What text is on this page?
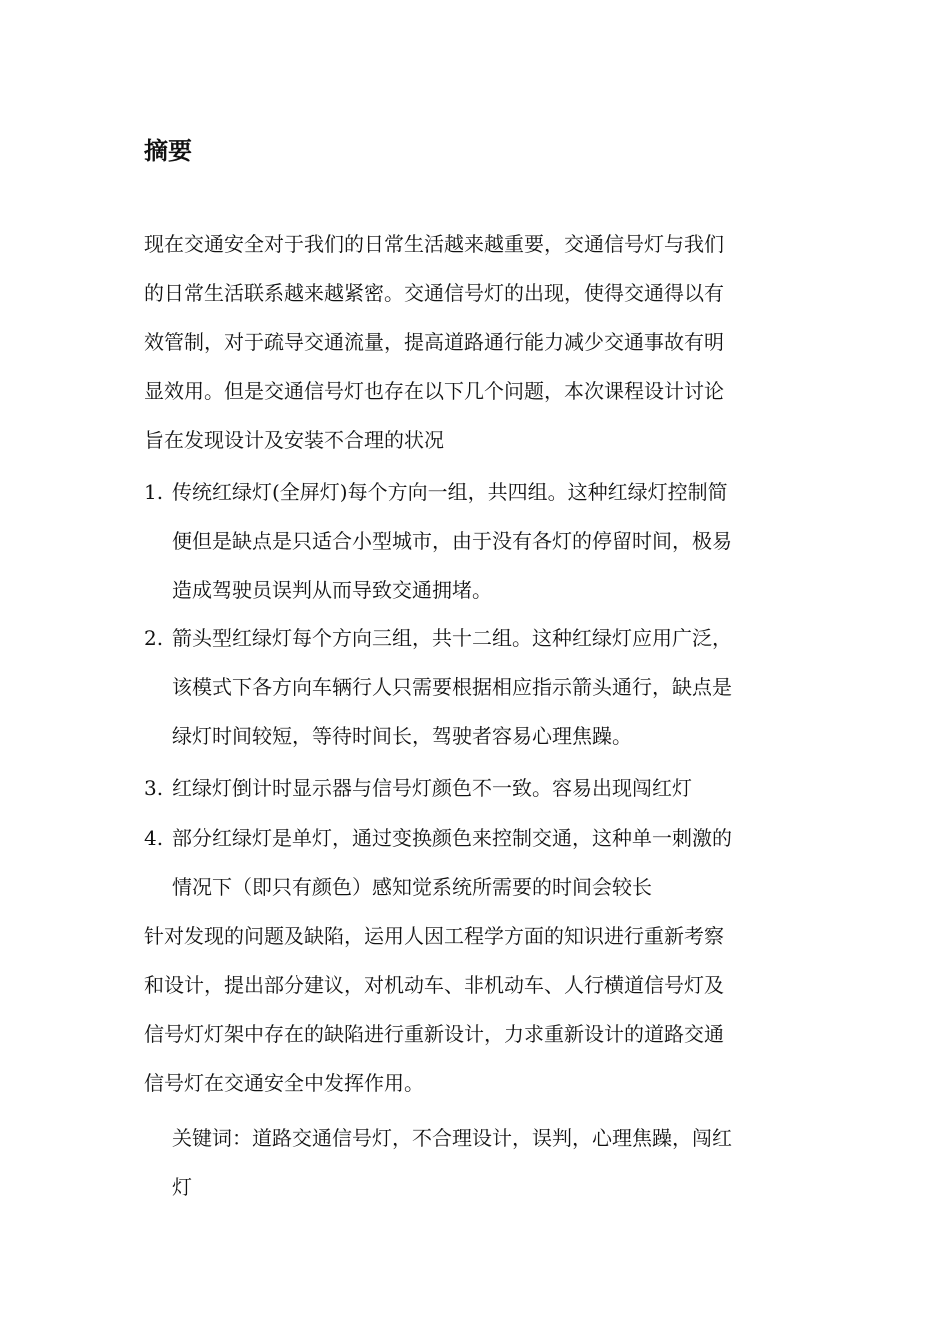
摘要
现在交通安全对于我们的日常生活越来越重要，交通信号灯与我们
的日常生活联系越来越紧密。交通信号灯的出现，使得交通得以有
效管制，对于疏导交通流量，提高道路通行能力减少交通事故有明
显效用。但是交通信号灯也存在以下几个问题，本次课程设计讨论
旨在发现设计及安装不合理的状况
1. 传统红绿灯(全屏灯)每个方向一组，共四组。这种红绿灯控制简
便但是缺点是只适合小型城市，由于没有各灯的停留时间，极易
造成驾驶员误判从而导致交通拥堵。
2. 箭头型红绿灯每个方向三组，共十二组。这种红绿灯应用广泛，
该模式下各方向车辆行人只需要根据相应指示箭头通行，缺点是
绿灯时间较短，等待时间长，驾驶者容易心理焦躁。
3. 红绿灯倒计时显示器与信号灯颜色不一致。容易出现闯红灯
4. 部分红绿灯是单灯，通过变换颜色来控制交通，这种单一刺激的
情况下（即只有颜色）感知觉系统所需要的时间会较长
针对发现的问题及缺陷，运用人因工程学方面的知识进行重新考察
和设计，提出部分建议，对机动车、非机动车、人行横道信号灯及
信号灯灯架中存在的缺陷进行重新设计，力求重新设计的道路交通
信号灯在交通安全中发挥作用。
关键词：道路交通信号灯，不合理设计，误判，心理焦躁，闯红
灯
